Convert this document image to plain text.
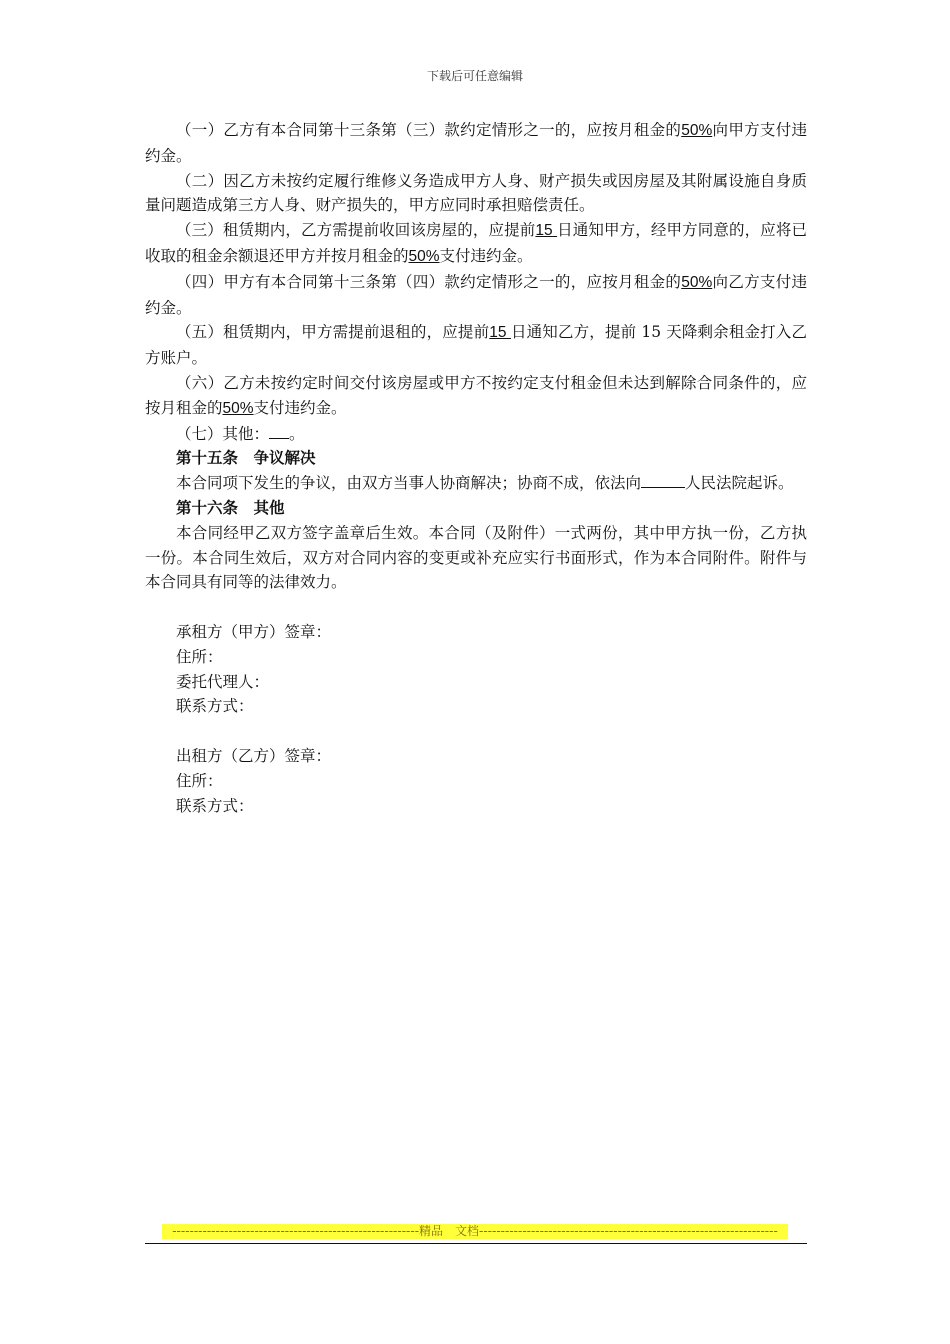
下载后可任意编辑

（一）乙方有本合同第十三条第（三）款约定情形之一的，应按月租金的50%向甲方支付违约金。

（二）因乙方未按约定履行维修义务造成甲方人身、财产损失或因房屋及其附属设施自身质量问题造成第三方人身、财产损失的，甲方应同时承担赔偿责任。

（三）租赁期内，乙方需提前收回该房屋的，应提前15 日通知甲方，经甲方同意的，应将已收取的租金余额退还甲方并按月租金的50%支付违约金。

（四）甲方有本合同第十三条第（四）款约定情形之一的，应按月租金的50%向乙方支付违约金。

（五）租赁期内，甲方需提前退租的，应提前15 日通知乙方，提前 15 天降剩余租金打入乙方账户。

（六）乙方未按约定时间交付该房屋或甲方不按约定支付租金但未达到解除合同条件的，应按月租金的50%支付违约金。

（七）其他： 。

第十五条　争议解决

本合同项下发生的争议，由双方当事人协商解决；协商不成，依法向	人民法院起诉。

第十六条　其他

本合同经甲乙双方签字盖章后生效。本合同（及附件）一式两份，其中甲方执一份，乙方执一份。本合同生效后，双方对合同内容的变更或补充应实行书面形式，作为本合同附件。附件与本合同具有同等的法律效力。

承租方（甲方）签章：

住所：

委托代理人：

联系方式：

出租方（乙方）签章：

住所：

联系方式：

---------------------------------------------------------精品　文档---------------------------------------------------------------------
